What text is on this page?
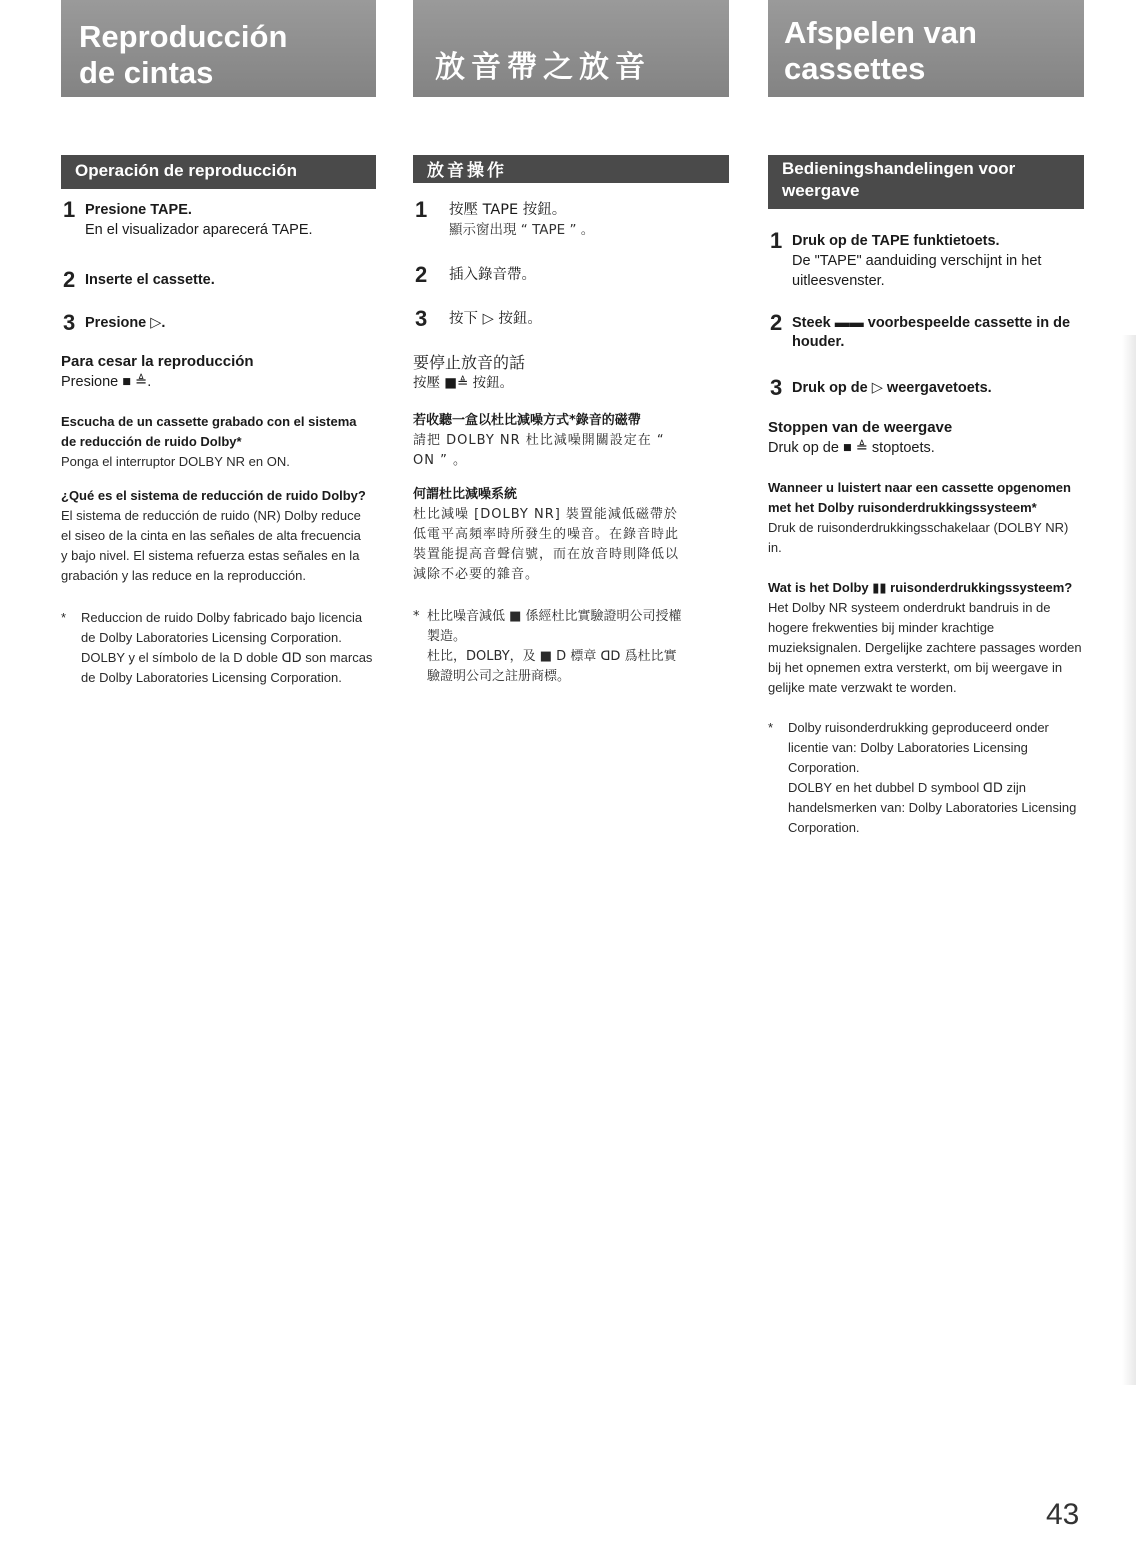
Reproducción
de cintas
Operación de reproducción
1 Presione TAPE.
En el visualizador aparecerá TAPE.
2 Inserte el cassette.
3 Presione ▷.
Para cesar la reproducción
Presione ■ ≜.
Escucha de un cassette grabado con el sistema de reducción de ruido Dolby*
Ponga el interruptor DOLBY NR en ON.
¿Qué es el sistema de reducción de ruido Dolby?
El sistema de reducción de ruido (NR) Dolby reduce el siseo de la cinta en las señales de alta frecuencia y bajo nivel. El sistema refuerza estas señales en la grabación y las reduce en la reproducción.
* Reduccion de ruido Dolby fabricado bajo licencia de Dolby Laboratories Licensing Corporation.
DOLBY y el símbolo de la D doble ᗡᗞ son marcas de Dolby Laboratories Licensing Corporation.
放音帶之放音
放音操作
1 按壓 TAPE 按鈕。
顯示窗出現 “ TAPE ” 。
2 插入錄音帶。
3 按下 ▷ 按鈕。
要停止放音的話
按壓 ■≜ 按鈕。
若收聽一盒以杜比減噪方式*錄音的磁帶
請把 DOLBY NR 杜比減噪開關設定在 “ ON ” 。
何謂杜比減噪系統
杜比減噪 [DOLBY NR] 裝置能減低磁帶於低電平高頻率時所發生的噪音。在錄音時此裝置能提高音聲信號，而在放音時則降低以減除不必要的雜音。
* 杜比噪音減低 ■ 係經杜比實驗證明公司授權製造。
杜比，DOLBY，及 ■ D 標章 ᗡᗞ 爲杜比實驗證明公司之註册商標。
Afspelen van
cassettes
Bedieningshandelingen voor weergave
1 Druk op de TAPE funktietoets.
De "TAPE" aanduiding verschijnt in het uitleesvenster.
2 Steek ▬▬ voorbespeelde cassette in de houder.
3 Druk op de ▷ weergavetoets.
Stoppen van de weergave
Druk op de ■ ≜ stoptoets.
Wanneer u luistert naar een cassette opgenomen met het Dolby ruisonderdrukkingssysteem*
Druk de ruisonderdrukkingsschakelaar (DOLBY NR) in.
Wat is het Dolby ▮▮ ruisonderdrukkingssysteem?
Het Dolby NR systeem onderdrukt bandruis in de hogere frekwenties bij minder krachtige muzieksignalen. Dergelijke zachtere passages worden bij het opnemen extra versterkt, om bij weergave in gelijke mate verzwakt te worden.
* Dolby ruisonderdrukking geproduceerd onder licentie van: Dolby Laboratories Licensing Corporation.
DOLBY en het dubbel D symbool ᗡᗞ zijn handelsmerken van: Dolby Laboratories Licensing Corporation.
43
